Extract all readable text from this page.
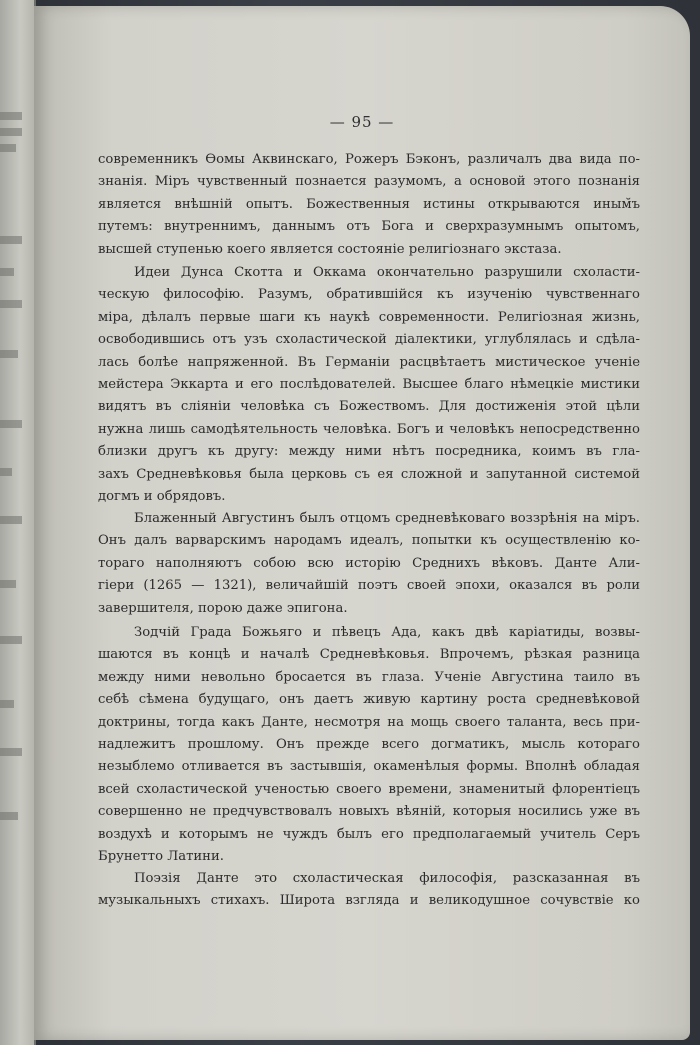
— 95 —
современникъ Ѳомы Аквинскаго, Рожеръ Бэконъ, различалъ два вида по-
знанія. Міръ чувственный познается разумомъ, а основой этого познанія
является внѣшній опытъ. Божественныя истины открываются иным̆ъ
путемъ: внутреннимъ, даннымъ отъ Бога и сверхразумнымъ опытомъ,
высшей ступенью коего является состояніе религіознаго экстаза.
Идеи Дунса Скотта и Оккама окончательно разрушили схоласти-
ческую философію. Разумъ, обратившійся къ изученію чувственнаго
міра, дѣлалъ первые шаги къ наукѣ современности. Религіозная жизнь,
освободившись отъ узъ схоластической діалектики, углублялась и сдѣла-
лась болѣе напряженной. Въ Германіи расцвѣтаетъ мистическое ученіе
мейстера Эккарта и его послѣдователей. Высшее благо нѣмецкіе мистики
видятъ въ сліяніи человѣка съ Божествомъ. Для достиженія этой цѣли
нужна лишь самодѣятельность человѣка. Богъ и человѣкъ непосредственно
близки другъ къ другу: между ними нѣтъ посредника, коимъ въ гла-
захъ Средневѣковья была церковь съ ея сложной и запутанной системой
догмъ и обрядовъ.
Блаженный Августинъ былъ отцомъ средневѣковаго воззрѣнія на міръ.
Онъ далъ варварскимъ народамъ идеалъ, попытки къ осуществленію ко-
тораго наполняютъ собою всю исторію Среднихъ вѣковъ. Данте Али-
гіери (1265 — 1321), величайшій поэтъ своей эпохи, оказался въ роли
завершителя, порою даже эпигона.
Зодчій Града Божьяго и пѣвецъ Ада, какъ двѣ каріатиды, возвы-
шаются въ концѣ и началѣ Средневѣковья. Впрочемъ, рѣзкая разница
между ними невольно бросается въ глаза. Ученіе Августина таило въ
себѣ сѣмена будущаго, онъ даетъ живую картину роста средневѣковой
доктрины, тогда какъ Данте, несмотря на мощь своего таланта, весь при-
надлежитъ прошлому. Онъ прежде всего догматикъ, мысль котораго
незыблемо отливается въ застывшія, окаменѣлыя формы. Вполнѣ обладая
всей схоластической ученостью своего времени, знаменитый флорентiецъ
совершенно не предчувствовалъ новыхъ вѣяній, которыя носились уже въ
воздухѣ и которымъ не чуждъ былъ его предполагаемый учитель Сeръ
Брунетто Латини.
Поэзія Данте это схоластическая философія, разсказанная въ
музыкальныхъ стихахъ. Широта взгляда и великодушное сочувствіе ко
